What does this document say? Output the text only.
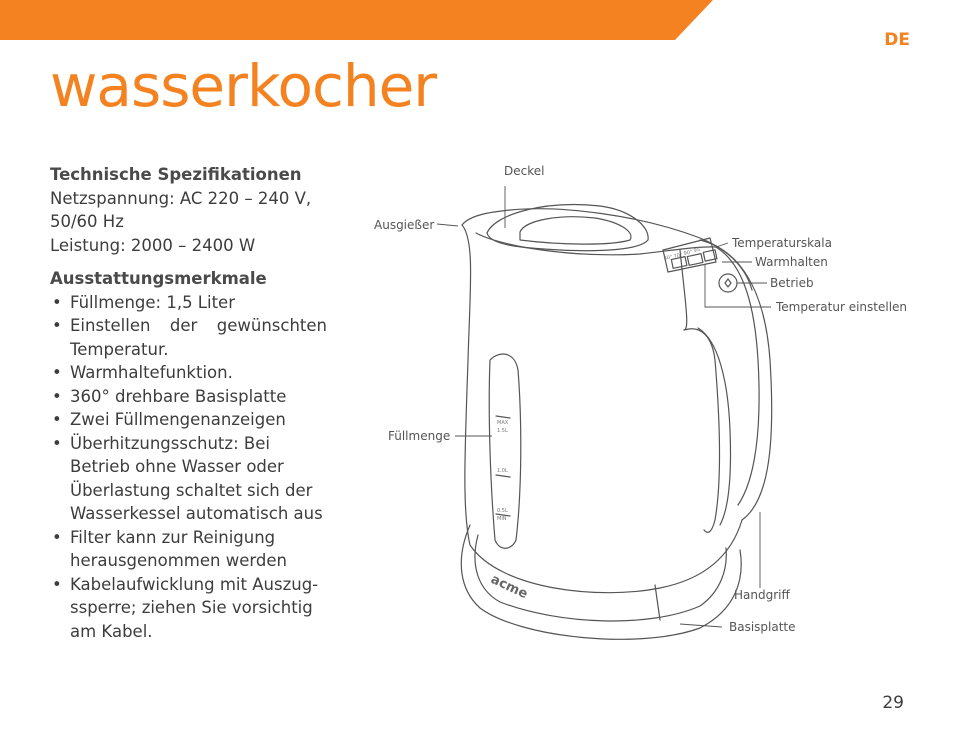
DE
wasserkocher
Technische Spezifikationen

Netzspannung: AC 220 – 240 V,

50/60 Hz

Leistung: 2000 – 2400 W

Ausstattungsmerkmale
• Füllmenge: 1,5 Liter
• Einstellen der gewünschten Temperatur.
• Warmhaltefunktion.
• 360° drehbare Basisplatte
• Zwei Füllmengenanzeigen
• Überhitzungsschutz: Bei Betrieb ohne Wasser oder Überlastung schaltet sich der Wasserkessel automatisch aus
• Filter kann zur Reinigung herausgenommen werden
• Kabelaufwicklung mit Auszug-ssperre; ziehen Sie vorsichtig am Kabel.
MAX
1.5L
1.0L
0.5L
MIN
80° 70° 90° 95°
acme
Deckel
Ausgießer
Temperaturskala
Warmhalten
Betrieb
Temperatur einstellen
Füllmenge
Handgriff
Basisplatte
29
